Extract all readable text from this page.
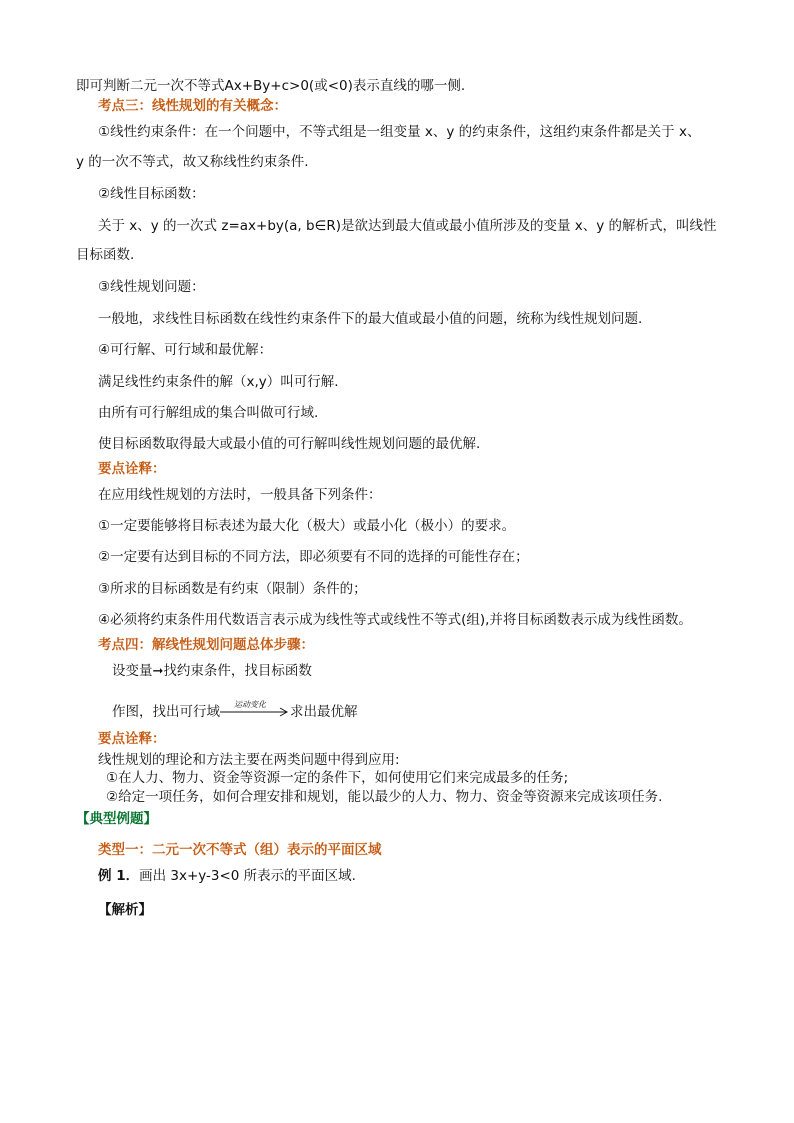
即可判断二元一次不等式Ax+By+c>0(或<0)表示直线的哪一侧.
考点三：线性规划的有关概念：
①线性约束条件：在一个问题中，不等式组是一组变量 x、y 的约束条件，这组约束条件都是关于 x、
y 的一次不等式，故又称线性约束条件.
②线性目标函数：
关于 x、y 的一次式 z=ax+by(a, b∈R)是欲达到最大值或最小值所涉及的变量 x、y 的解析式，叫线性
目标函数.
③线性规划问题：
一般地，求线性目标函数在线性约束条件下的最大值或最小值的问题，统称为线性规划问题.
④可行解、可行域和最优解：
满足线性约束条件的解（x,y）叫可行解.
由所有可行解组成的集合叫做可行域.
使目标函数取得最大或最小值的可行解叫线性规划问题的最优解.
要点诠释：
在应用线性规划的方法时，一般具备下列条件：
①一定要能够将目标表述为最大化（极大）或最小化（极小）的要求。
②一定要有达到目标的不同方法，即必须要有不同的选择的可能性存在；
③所求的目标函数是有约束（限制）条件的；
④必须将约束条件用代数语言表示成为线性等式或线性不等式(组),并将目标函数表示成为线性函数。
考点四：解线性规划问题总体步骤：
设变量➞找约束条件，找目标函数
作图，找出可行域 运动变化 求出最优解
要点诠释：
线性规划的理论和方法主要在两类问题中得到应用:
①在人力、物力、资金等资源一定的条件下，如何使用它们来完成最多的任务;
②给定一项任务，如何合理安排和规划，能以最少的人力、物力、资金等资源来完成该项任务.
【典型例题】
类型一：二元一次不等式（组）表示的平面区域
例 1．画出 3x+y-3<0 所表示的平面区域.
【解析】
